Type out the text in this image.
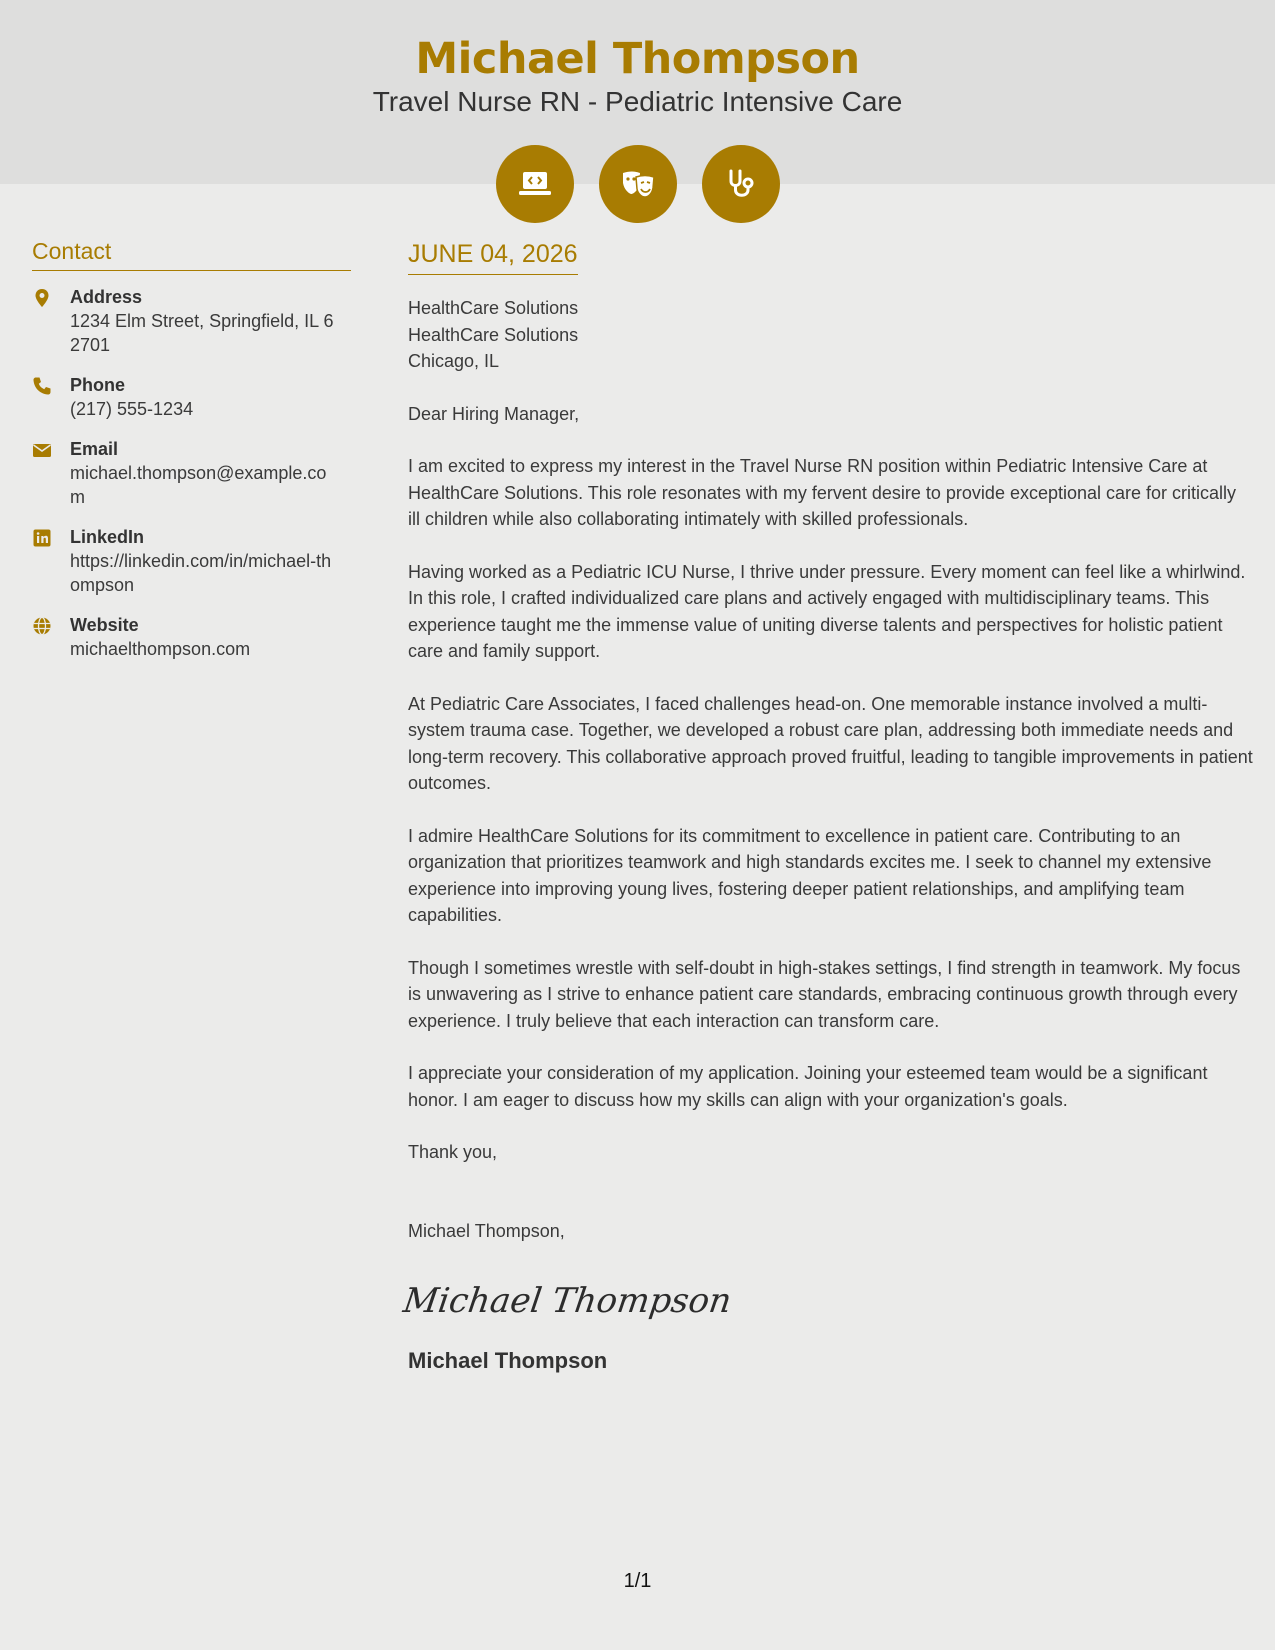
Michael Thompson
Travel Nurse RN - Pediatric Intensive Care
Contact
Address
1234 Elm Street, Springfield, IL 62701
Phone
(217) 555-1234
Email
michael.thompson@example.com
LinkedIn
https://linkedin.com/in/michael-thompson
Website
michaelthompson.com
JUNE 04, 2026
HealthCare Solutions
HealthCare Solutions
Chicago, IL

Dear Hiring Manager,

I am excited to express my interest in the Travel Nurse RN position within Pediatric Intensive Care at HealthCare Solutions. This role resonates with my fervent desire to provide exceptional care for critically ill children while also collaborating intimately with skilled professionals.

Having worked as a Pediatric ICU Nurse, I thrive under pressure. Every moment can feel like a whirlwind. In this role, I crafted individualized care plans and actively engaged with multidisciplinary teams. This experience taught me the immense value of uniting diverse talents and perspectives for holistic patient care and family support.

At Pediatric Care Associates, I faced challenges head-on. One memorable instance involved a multi-system trauma case. Together, we developed a robust care plan, addressing both immediate needs and long-term recovery. This collaborative approach proved fruitful, leading to tangible improvements in patient outcomes.

I admire HealthCare Solutions for its commitment to excellence in patient care. Contributing to an organization that prioritizes teamwork and high standards excites me. I seek to channel my extensive experience into improving young lives, fostering deeper patient relationships, and amplifying team capabilities.

Though I sometimes wrestle with self-doubt in high-stakes settings, I find strength in teamwork. My focus is unwavering as I strive to enhance patient care standards, embracing continuous growth through every experience. I truly believe that each interaction can transform care.

I appreciate your consideration of my application. Joining your esteemed team would be a significant honor. I am eager to discuss how my skills can align with your organization's goals.

Thank you,

Michael Thompson,

Michael Thompson
Michael Thompson
1/1
